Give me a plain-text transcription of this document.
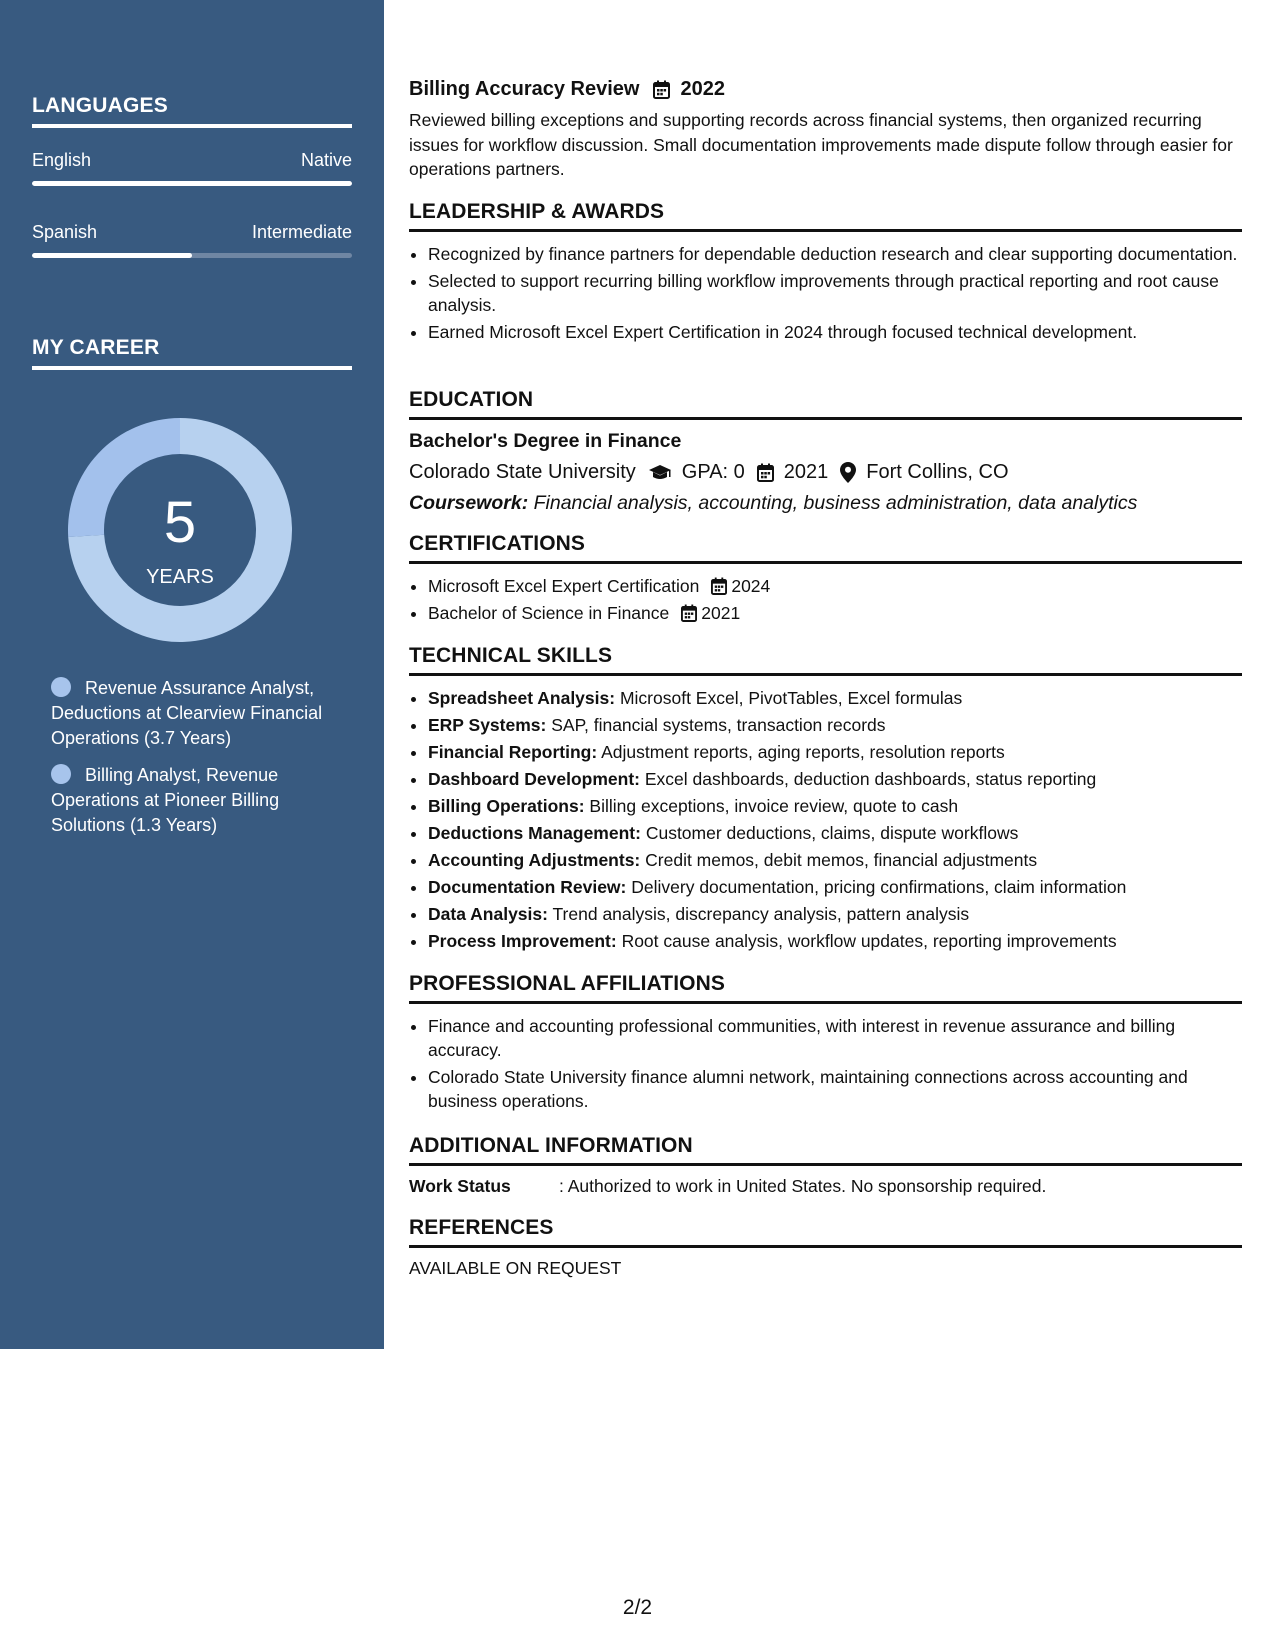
LANGUAGES
English	Native
Spanish	Intermediate
MY CAREER
5
YEARS
Revenue Assurance Analyst, Deductions at Clearview Financial Operations (3.7 Years)
Billing Analyst, Revenue Operations at Pioneer Billing Solutions (1.3 Years)
Billing Accuracy Review 2022

Reviewed billing exceptions and supporting records across financial systems, then organized recurring issues for workflow discussion. Small documentation improvements made dispute follow through easier for operations partners.

LEADERSHIP & AWARDS
• Recognized by finance partners for dependable deduction research and clear supporting documentation.
• Selected to support recurring billing workflow improvements through practical reporting and root cause analysis.
• Earned Microsoft Excel Expert Certification in 2024 through focused technical development.
EDUCATION
Bachelor's Degree in Finance
Colorado State University GPA: 0 2021 Fort Collins, CO
Coursework: Financial analysis, accounting, business administration, data analytics
CERTIFICATIONS
• Microsoft Excel Expert Certification 2024
• Bachelor of Science in Finance 2021
TECHNICAL SKILLS
• Spreadsheet Analysis: Microsoft Excel, PivotTables, Excel formulas
• ERP Systems: SAP, financial systems, transaction records
• Financial Reporting: Adjustment reports, aging reports, resolution reports
• Dashboard Development: Excel dashboards, deduction dashboards, status reporting
• Billing Operations: Billing exceptions, invoice review, quote to cash
• Deductions Management: Customer deductions, claims, dispute workflows
• Accounting Adjustments: Credit memos, debit memos, financial adjustments
• Documentation Review: Delivery documentation, pricing confirmations, claim information
• Data Analysis: Trend analysis, discrepancy analysis, pattern analysis
• Process Improvement: Root cause analysis, workflow updates, reporting improvements
PROFESSIONAL AFFILIATIONS
• Finance and accounting professional communities, with interest in revenue assurance and billing accuracy.
• Colorado State University finance alumni network, maintaining connections across accounting and business operations.
ADDITIONAL INFORMATION
Work Status	: Authorized to work in United States. No sponsorship required.
REFERENCES
AVAILABLE ON REQUEST
2/2
